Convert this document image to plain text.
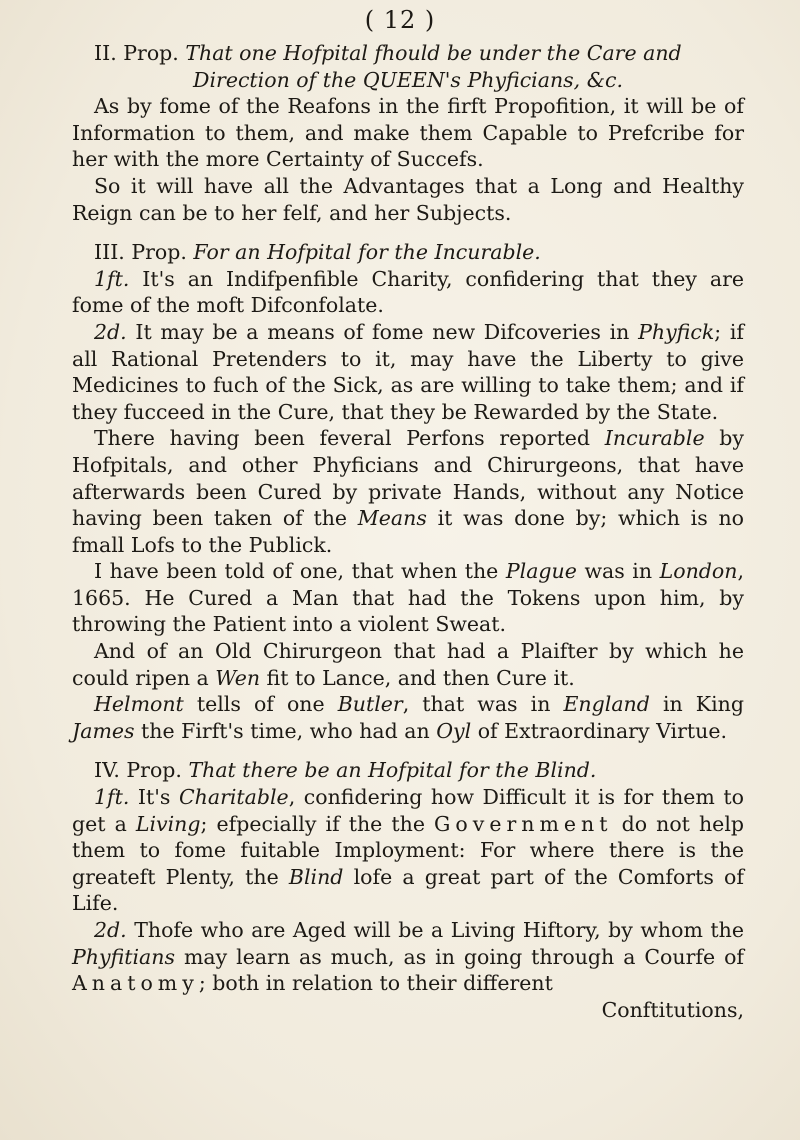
( 12 )

II. Prop. That one Hofpital fhould be under the Care and
Direction of the QUEEN's Phyficians, &c.

As by fome of the Reafons in the firft Propofition, it will be of Information to them, and make them Capable to Prefcribe for her with the more Certainty of Succefs.

So it will have all the Advantages that a Long and Healthy Reign can be to her felf, and her Subjects.

III. Prop. For an Hofpital for the Incurable.

1ft. It's an Indifpenfible Charity, confidering that they are fome of the moft Difconfolate.

2d. It may be a means of fome new Difcoveries in Phyfick; if all Rational Pretenders to it, may have the Liberty to give Medicines to fuch of the Sick, as are willing to take them; and if they fucceed in the Cure, that they be Rewarded by the State.

There having been feveral Perfons reported Incurable by Hofpitals, and other Phyficians and Chirurgeons, that have afterwards been Cured by private Hands, without any Notice having been taken of the Means it was done by; which is no fmall Lofs to the Publick.

I have been told of one, that when the Plague was in London, 1665. He Cured a Man that had the Tokens upon him, by throwing the Patient into a violent Sweat.

And of an Old Chirurgeon that had a Plaifter by which he could ripen a Wen fit to Lance, and then Cure it.

Helmont tells of one Butler, that was in England in King James the Firft's time, who had an Oyl of Extraordinary Virtue.

IV. Prop. That there be an Hofpital for the Blind.

1ft. It's Charitable, confidering how Difficult it is for them to get a Living; efpecially if the the Government do not help them to fome fuitable Imployment: For where there is the greateft Plenty, the Blind lofe a great part of the Comforts of Life.

2d. Thofe who are Aged will be a Living Hiftory, by whom the Phyfitians may learn as much, as in going through a Courfe of Anatomy; both in relation to their different
Conftitutions,
